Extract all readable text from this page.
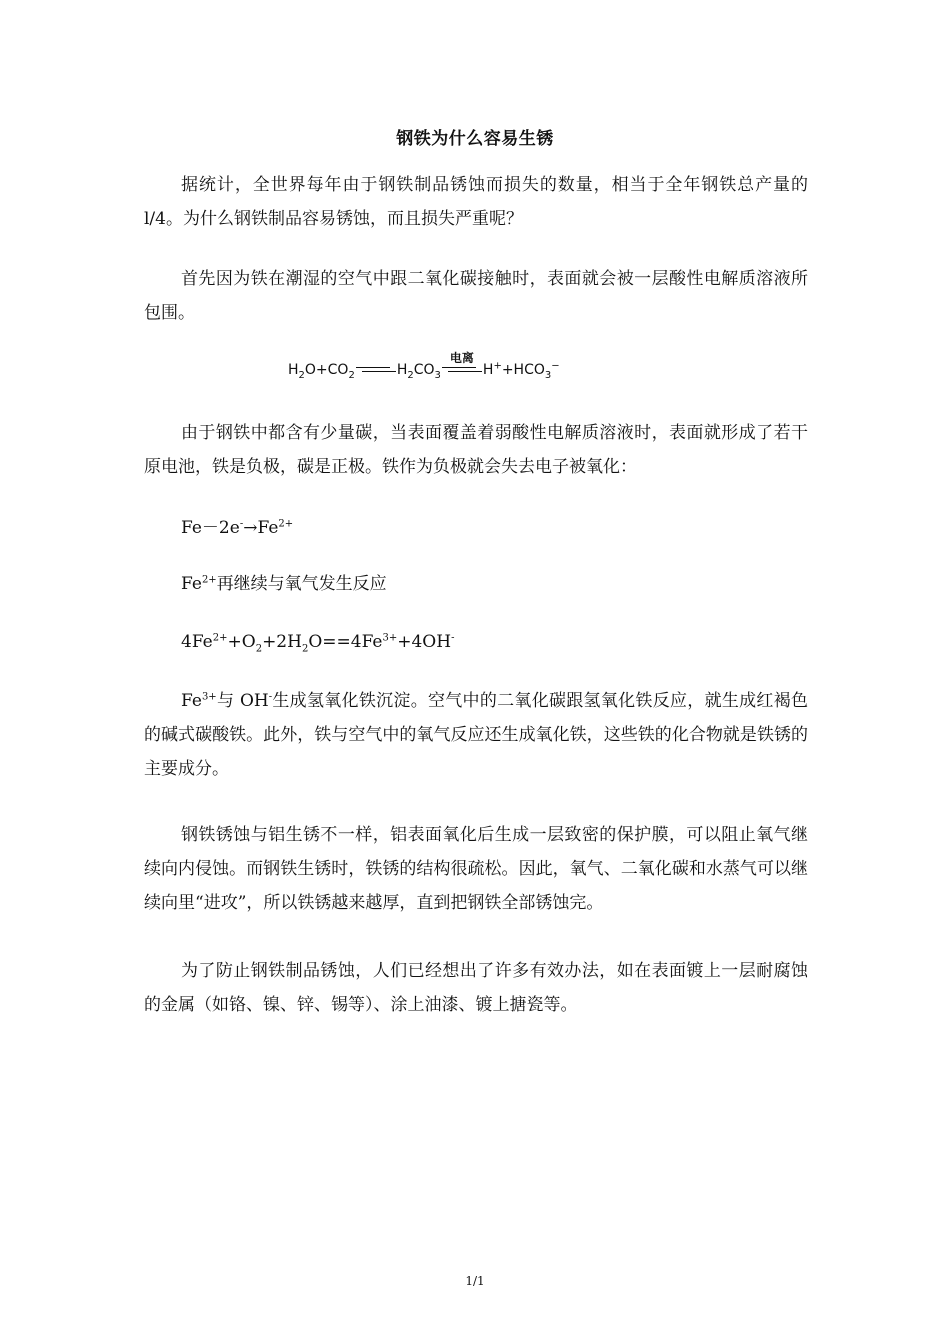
钢铁为什么容易生锈
据统计，全世界每年由于钢铁制品锈蚀而损失的数量，相当于全年钢铁总产量的l/4。为什么钢铁制品容易锈蚀，而且损失严重呢？
首先因为铁在潮湿的空气中跟二氧化碳接触时，表面就会被一层酸性电解质溶液所包围。
$H_2O+CO_2$	$H_2CO_3$
电离
$H^++HCO_3^-$
由于钢铁中都含有少量碳，当表面覆盖着弱酸性电解质溶液时，表面就形成了若干原电池，铁是负极，碳是正极。铁作为负极就会失去电子被氧化：
$Fe-2e^-\to Fe^{2+}$
$Fe^{2+}$再继续与氧气发生反应
$4Fe^{2+}+O_2+2H_2O==4Fe^{3+}+4OH^-$
$Fe^{3+}$与 OH-生成氢氧化铁沉淀。空气中的二氧化碳跟氢氧化铁反应，就生成红褐色的碱式碳酸铁。此外，铁与空气中的氧气反应还生成氧化铁，这些铁的化合物就是铁锈的主要成分。
钢铁锈蚀与铝生锈不一样，铝表面氧化后生成一层致密的保护膜，可以阻止氧气继续向内侵蚀。而钢铁生锈时，铁锈的结构很疏松。因此，氧气、二氧化碳和水蒸气可以继续向里“进攻”，所以铁锈越来越厚，直到把钢铁全部锈蚀完。
为了防止钢铁制品锈蚀，人们已经想出了许多有效办法，如在表面镀上一层耐腐蚀的金属（如铬、镍、锌、锡等）、涂上油漆、镀上搪瓷等。
1/1
